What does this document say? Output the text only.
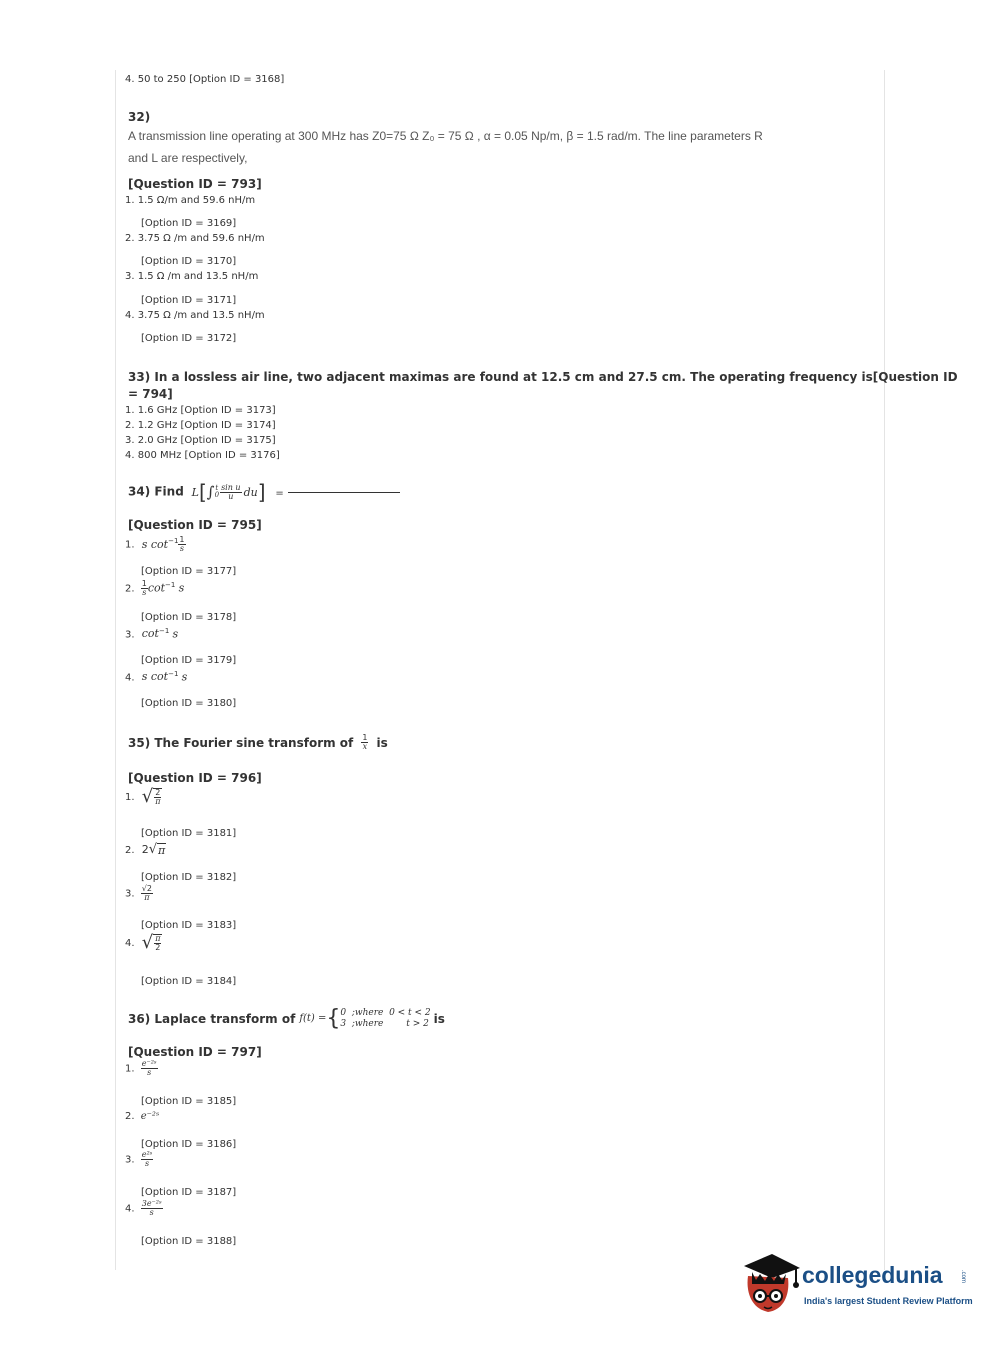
4. 50 to 250 [Option ID = 3168]
32)
A transmission line operating at 300 MHz has Z0=75 Ω Z₀ = 75 Ω , α = 0.05 Np/m, β = 1.5 rad/m. The line parameters R
and L are respectively,
[Question ID = 793]
1. 1.5 Ω/m and 59.6 nH/m
[Option ID = 3169]
2. 3.75 Ω /m and 59.6 nH/m
[Option ID = 3170]
3. 1.5 Ω /m and 13.5 nH/m
[Option ID = 3171]
4. 3.75 Ω /m and 13.5 nH/m
[Option ID = 3172]
33) In a lossless air line, two adjacent maximas are found at 12.5 cm and 27.5 cm. The operating frequency is[Question ID
= 794]
1. 1.6 GHz [Option ID = 3173]
2. 1.2 GHz [Option ID = 3174]
3. 2.0 GHz [Option ID = 3175]
4. 800 MHz [Option ID = 3176]
34) Find L[∫ t
$0 \frac{\text{sin u}}{u} du$] =
[Question ID = 795]
1. s $\cot^{-1} \frac{1}{s}$
[Option ID = 3177]
2. $\frac{1}{s} \cot^{-1} s$
[Option ID = 3178]
3. $\cot^{-1} s$
[Option ID = 3179]
4. s $\cot^{-1} s$
[Option ID = 3180]
35) The Fourier sine transform of $\frac{1}{x}$ is
[Question ID = 796]
1. √ $\frac{2}{\pi}$
[Option ID = 3181]
2. 2 √ π
[Option ID = 3182]
3. $\frac{√2}{\pi}$
[Option ID = 3183]
4. √ $\frac{\pi}{2}$
[Option ID = 3184]
36) Laplace transform of f(t) = { 0  ;where  0 < t < 2
3  ;where        t > 2 is
[Question ID = 797]
1. $\frac{\text{e⁻²ˢ}}{s}$
[Option ID = 3185]
2. e⁻²ˢ
[Option ID = 3186]
3. $\frac{\text{e²ˢ}}{s}$
[Option ID = 3187]
4. $\frac{\text{3e⁻²ˢ}}{s}$
[Option ID = 3188]
collegedunia	.com
India's largest Student Review Platform
